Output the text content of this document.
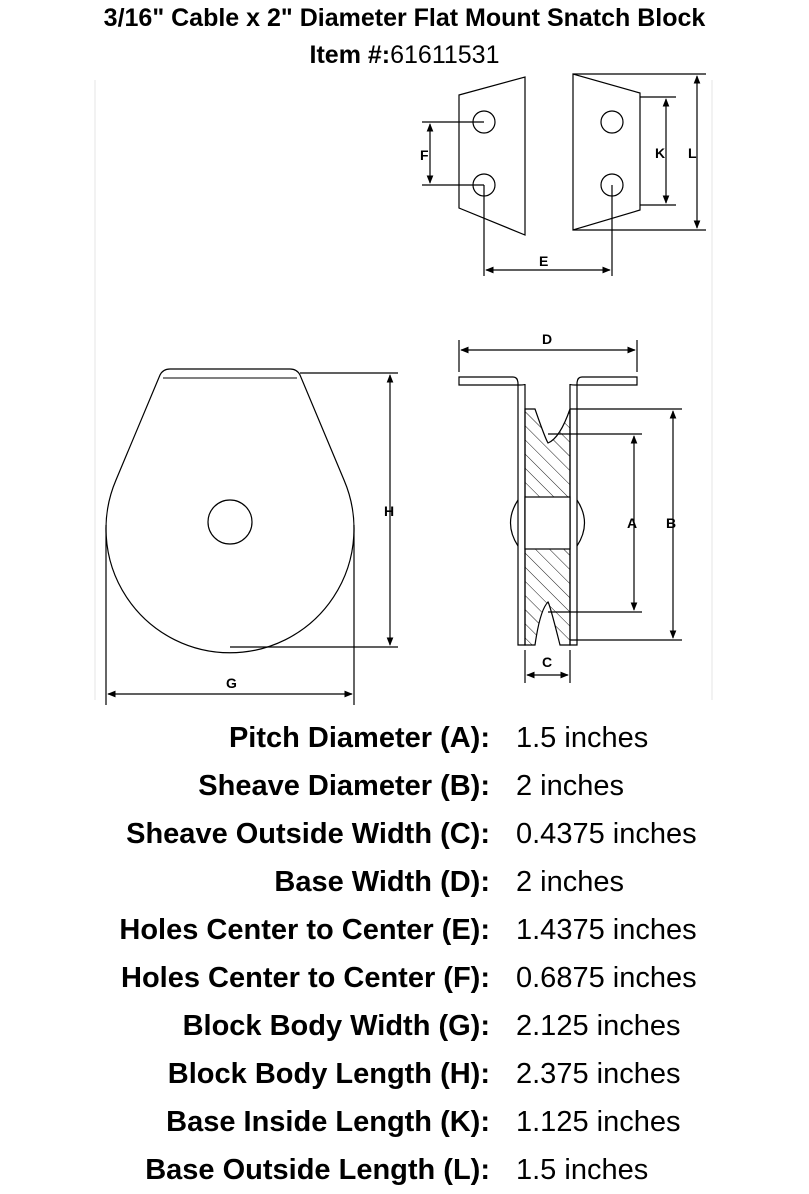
3/16" Cable x 2" Diameter Flat Mount Snatch Block
Item #:61611531
F
E
K L
G
H
D
A B
C
Pitch Diameter (A):	1.5 inches
Sheave Diameter (B):	2 inches
Sheave Outside Width (C):	0.4375 inches
Base Width (D):	2 inches
Holes Center to Center (E):	1.4375 inches
Holes Center to Center (F):	0.6875 inches
Block Body Width (G):	2.125 inches
Block Body Length (H):	2.375 inches
Base Inside Length (K):	1.125 inches
Base Outside Length (L):	1.5 inches
